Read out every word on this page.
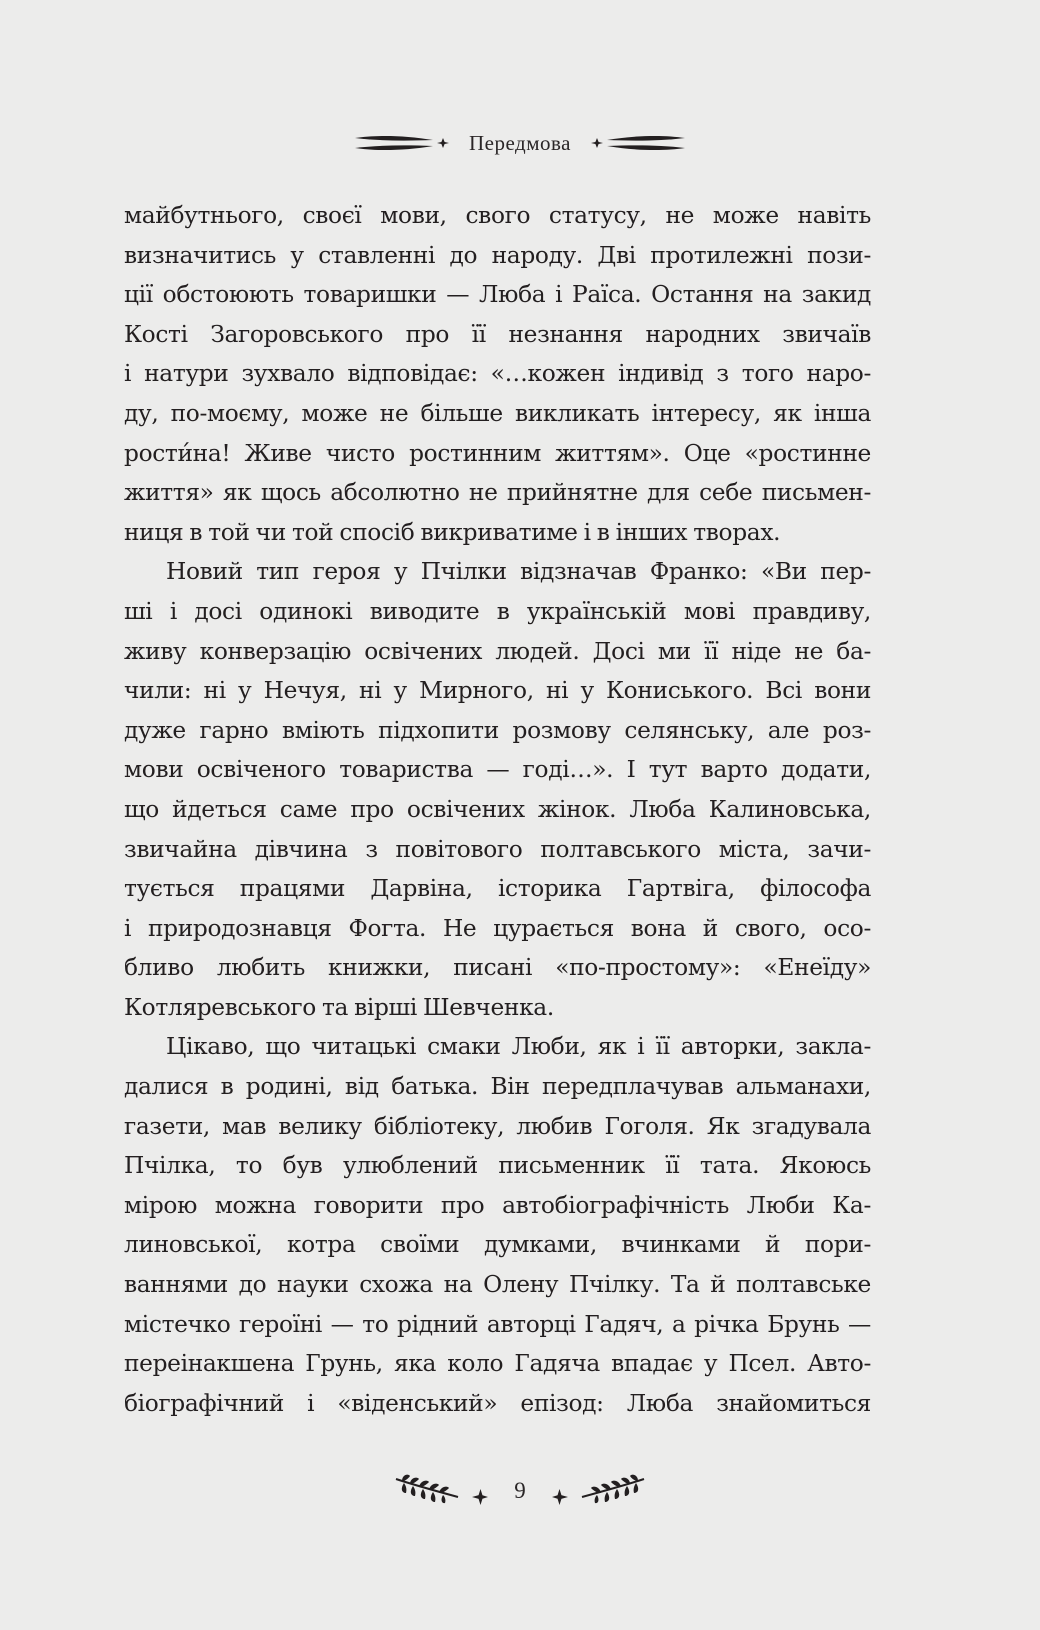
Передмова
майбутнього, своєї мови, свого статусу, не може навіть
визначитись у ставленні до народу. Дві протилежні пози-
ції обстоюють товаришки — Люба і Раїса. Остання на закид
Кості Загоровського про її незнання народних звичаїв
і натури зухвало відповідає: «…кожен індивід з того наро-
ду, по-моєму, може не більше викликать інтересу, як інша
рости́на! Живе чисто ростинним життям». Оце «ростинне
життя» як щось абсолютно не прийнятне для себе письмен-
ниця в той чи той спосіб викриватиме і в інших творах.
Новий тип героя у Пчілки відзначав Франко: «Ви пер-
ші і досі одинокі виводите в українській мові правдиву,
живу конверзацію освічених людей. Досі ми її ніде не ба-
чили: ні у Нечуя, ні у Мирного, ні у Кониського. Всі вони
дуже гарно вміють підхопити розмову селянську, але роз-
мови освіченого товариства — годі…». І тут варто додати,
що йдеться саме про освічених жінок. Люба Калиновська,
звичайна дівчина з повітового полтавського міста, зачи-
тується працями Дарвіна, історика Гартвіга, філософа
і природознавця Фогта. Не цурається вона й свого, осо-
бливо любить книжки, писані «по-простому»: «Енеїду»
Котляревського та вірші Шевченка.
Цікаво, що читацькі смаки Люби, як і її авторки, закла-
далися в родині, від батька. Він передплачував альманахи,
газети, мав велику бібліотеку, любив Гоголя. Як згадувала
Пчілка, то був улюблений письменник її тата. Якоюсь
мірою можна говорити про автобіографічність Люби Ка-
линовської, котра своїми думками, вчинками й пори-
ваннями до науки схожа на Олену Пчілку. Та й полтавське
містечко героїні — то рідний авторці Гадяч, а річка Брунь —
переінакшена Грунь, яка коло Гадяча впадає у Псел. Авто-
біографічний і «віденський» епізод: Люба знайомиться
9
